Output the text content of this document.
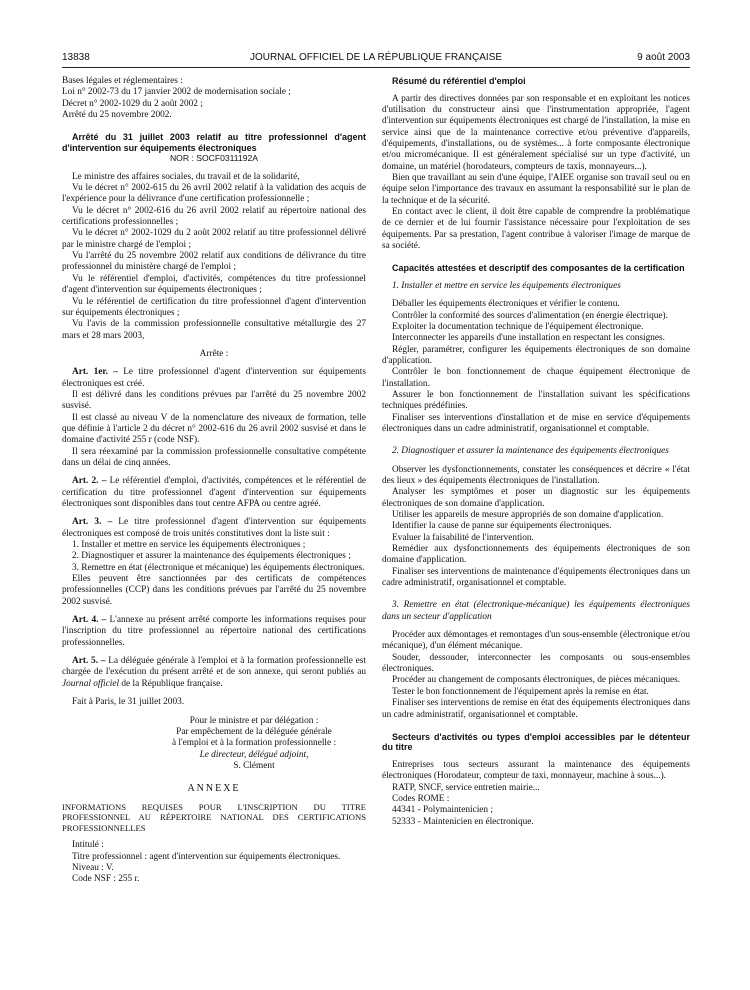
13838	JOURNAL OFFICIEL DE LA RÉPUBLIQUE FRANÇAISE	9 août 2003

Bases légales et réglementaires :

Loi n° 2002-73 du 17 janvier 2002 de modernisation sociale ;

Décret n° 2002-1029 du 2 août 2002 ;

Arrêté du 25 novembre 2002.

Arrêté du 31 juillet 2003 relatif au titre professionnel d'agent d'intervention sur équipements électroniques

NOR : SOCF0311192A

Le ministre des affaires sociales, du travail et de la solidarité,

Vu le décret n° 2002-615 du 26 avril 2002 relatif à la validation des acquis de l'expérience pour la délivrance d'une certification professionnelle ;

Vu le décret n° 2002-616 du 26 avril 2002 relatif au répertoire national des certifications professionnelles ;

Vu le décret n° 2002-1029 du 2 août 2002 relatif au titre professionnel délivré par le ministre chargé de l'emploi ;

Vu l'arrêté du 25 novembre 2002 relatif aux conditions de délivrance du titre professionnel du ministère chargé de l'emploi ;

Vu le référentiel d'emploi, d'activités, compétences du titre professionnel d'agent d'intervention sur équipements électroniques ;

Vu le référentiel de certification du titre professionnel d'agent d'intervention sur équipements électroniques ;

Vu l'avis de la commission professionnelle consultative métallurgie des 27 mars et 28 mars 2003,

Arrête :

Art. 1er. – Le titre professionnel d'agent d'intervention sur équipements électroniques est créé.

Il est délivré dans les conditions prévues par l'arrêté du 25 novembre 2002 susvisé.

Il est classé au niveau V de la nomenclature des niveaux de formation, telle que définie à l'article 2 du décret n° 2002-616 du 26 avril 2002 susvisé et dans le domaine d'activité 255 r (code NSF).

Il sera réexaminé par la commission professionnelle consultative compétente dans un délai de cinq années.

Art. 2. – Le référentiel d'emploi, d'activités, compétences et le référentiel de certification du titre professionnel d'agent d'intervention sur équipements électroniques sont disponibles dans tout centre AFPA ou centre agréé.

Art. 3. – Le titre professionnel d'agent d'intervention sur équipements électroniques est composé de trois unités constitutives dont la liste suit :

1. Installer et mettre en service les équipements électroniques ;

2. Diagnostiquer et assurer la maintenance des équipements électroniques ;

3. Remettre en état (électronique et mécanique) les équipements électroniques.

Elles peuvent être sanctionnées par des certificats de compétences professionnelles (CCP) dans les conditions prévues par l'arrêté du 25 novembre 2002 susvisé.

Art. 4. – L'annexe au présent arrêté comporte les informations requises pour l'inscription du titre professionnel au répertoire national des certifications professionnelles.

Art. 5. – La déléguée générale à l'emploi et à la formation professionnelle est chargée de l'exécution du présent arrêté et de son annexe, qui seront publiés au Journal officiel de la République française.

Fait à Paris, le 31 juillet 2003.

Pour le ministre et par délégation :
Par empêchement de la déléguée générale
à l'emploi et à la formation professionnelle :
Le directeur, délégué adjoint,
S. Clément
ANNEXE

INFORMATIONS REQUISES POUR L'INSCRIPTION DU TITRE PROFESSIONNEL AU RÉPERTOIRE NATIONAL DES CERTIFICATIONS PROFESSIONNELLES

Intitulé :

Titre professionnel : agent d'intervention sur équipements électroniques.

Niveau : V.

Code NSF : 255 r.

Résumé du référentiel d'emploi

A partir des directives données par son responsable et en exploitant les notices d'utilisation du constructeur ainsi que l'instrumentation appropriée, l'agent d'intervention sur équipements électroniques est chargé de l'installation, la mise en service ainsi que de la maintenance corrective et/ou préventive d'appareils, d'équipements, d'installations, ou de systèmes... à forte composante électronique et/ou micromécanique. Il est généralement spécialisé sur un type d'activité, un domaine, un matériel (horodateurs, compteurs de taxis, monnayeurs...).

Bien que travaillant au sein d'une équipe, l'AIEE organise son travail seul ou en équipe selon l'importance des travaux en assumant la responsabilité sur le plan de la technique et de la sécurité.

En contact avec le client, il doit être capable de comprendre la problématique de ce dernier et de lui fournir l'assistance nécessaire pour l'exploitation de ses équipements. Par sa prestation, l'agent contribue à valoriser l'image de marque de sa société.

Capacités attestées et descriptif des composantes de la certification

1. Installer et mettre en service les équipements électroniques

Déballer les équipements électroniques et vérifier le contenu.

Contrôler la conformité des sources d'alimentation (en énergie électrique).

Exploiter la documentation technique de l'équipement électronique.

Interconnecter les appareils d'une installation en respectant les consignes.

Régler, paramétrer, configurer les équipements électroniques de son domaine d'application.

Contrôler le bon fonctionnement de chaque équipement électronique de l'installation.

Assurer le bon fonctionnement de l'installation suivant les spécifications techniques prédéfinies.

Finaliser ses interventions d'installation et de mise en service d'équipements électroniques dans un cadre administratif, organisationnel et comptable.

2. Diagnostiquer et assurer la maintenance des équipements électroniques

Observer les dysfonctionnements, constater les conséquences et décrire « l'état des lieux » des équipements électroniques de l'installation.

Analyser les symptômes et poser un diagnostic sur les équipements électroniques de son domaine d'application.

Utiliser les appareils de mesure appropriés de son domaine d'application.

Identifier la cause de panne sur équipements électroniques.

Evaluer la faisabilité de l'intervention.

Remédier aux dysfonctionnements des équipements électroniques de son domaine d'application.

Finaliser ses interventions de maintenance d'équipements électroniques dans un cadre administratif, organisationnel et comptable.

3. Remettre en état (électronique-mécanique) les équipements électroniques dans un secteur d'application

Procéder aux démontages et remontages d'un sous-ensemble (électronique et/ou mécanique), d'un élément mécanique.

Souder, dessouder, interconnecter les composants ou sous-ensembles électroniques.

Procéder au changement de composants électroniques, de pièces mécaniques.

Tester le bon fonctionnement de l'équipement après la remise en état.

Finaliser ses interventions de remise en état des équipements électroniques dans un cadre administratif, organisationnel et comptable.

Secteurs d'activités ou types d'emploi accessibles par le détenteur du titre

Entreprises tous secteurs assurant la maintenance des équipements électroniques (Horodateur, compteur de taxi, monnayeur, machine à sous...).

RATP, SNCF, service entretien mairie...

Codes ROME :

44341 - Polymaintenicien ;

52333 - Maintenicien en électronique.
